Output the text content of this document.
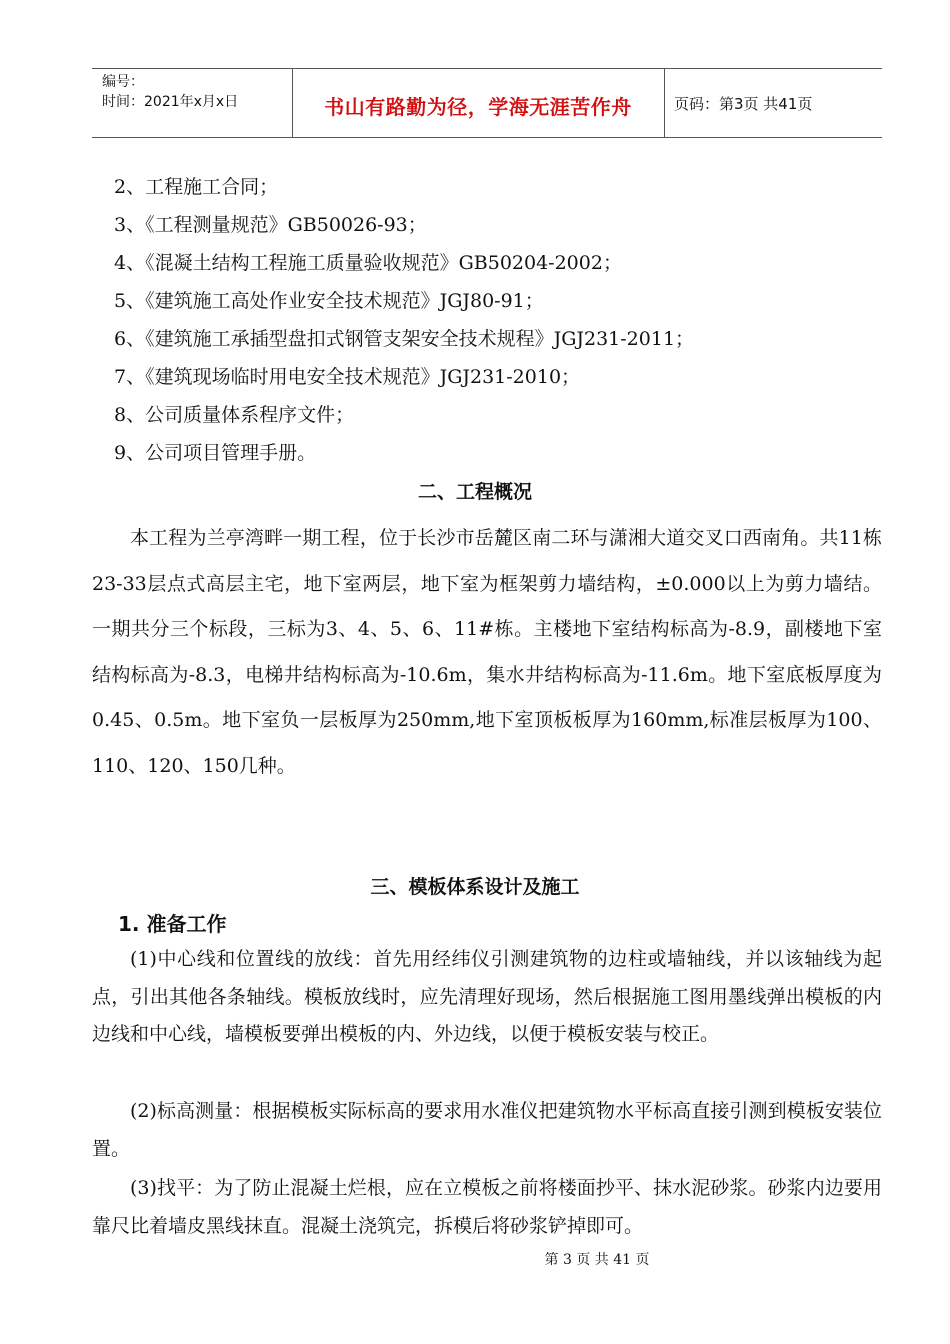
编号：
时间：2021年x月x日	书山有路勤为径，学海无涯苦作舟	页码：第3页 共41页
2、工程施工合同；
3、《工程测量规范》GB50026-93；
4、《混凝土结构工程施工质量验收规范》GB50204-2002；
5、《建筑施工高处作业安全技术规范》JGJ80-91；
6、《建筑施工承插型盘扣式钢管支架安全技术规程》JGJ231-2011；
7、《建筑现场临时用电安全技术规范》JGJ231-2010；
8、公司质量体系程序文件；
9、公司项目管理手册。
二、工程概况
本工程为兰亭湾畔一期工程，位于长沙市岳麓区南二环与潇湘大道交叉口西南角。共11栋23-33层点式高层主宅，地下室两层，地下室为框架剪力墙结构，±0.000以上为剪力墙结。一期共分三个标段，三标为3、4、5、6、11#栋。主楼地下室结构标高为-8.9，副楼地下室结构标高为-8.3，电梯井结构标高为-10.6m，集水井结构标高为-11.6m。地下室底板厚度为0.45、0.5m。地下室负一层板厚为250mm,地下室顶板板厚为160mm,标准层板厚为100、110、120、150几种。
三、模板体系设计及施工
1. 准备工作
(1)中心线和位置线的放线：首先用经纬仪引测建筑物的边柱或墙轴线，并以该轴线为起点，引出其他各条轴线。模板放线时，应先清理好现场，然后根据施工图用墨线弹出模板的内边线和中心线，墙模板要弹出模板的内、外边线，以便于模板安装与校正。
(2)标高测量：根据模板实际标高的要求用水准仪把建筑物水平标高直接引测到模板安装位置。
(3)找平：为了防止混凝土烂根，应在立模板之前将楼面抄平、抹水泥砂浆。砂浆内边要用靠尺比着墙皮黑线抹直。混凝土浇筑完，拆模后将砂浆铲掉即可。
第 3 页 共 41 页
